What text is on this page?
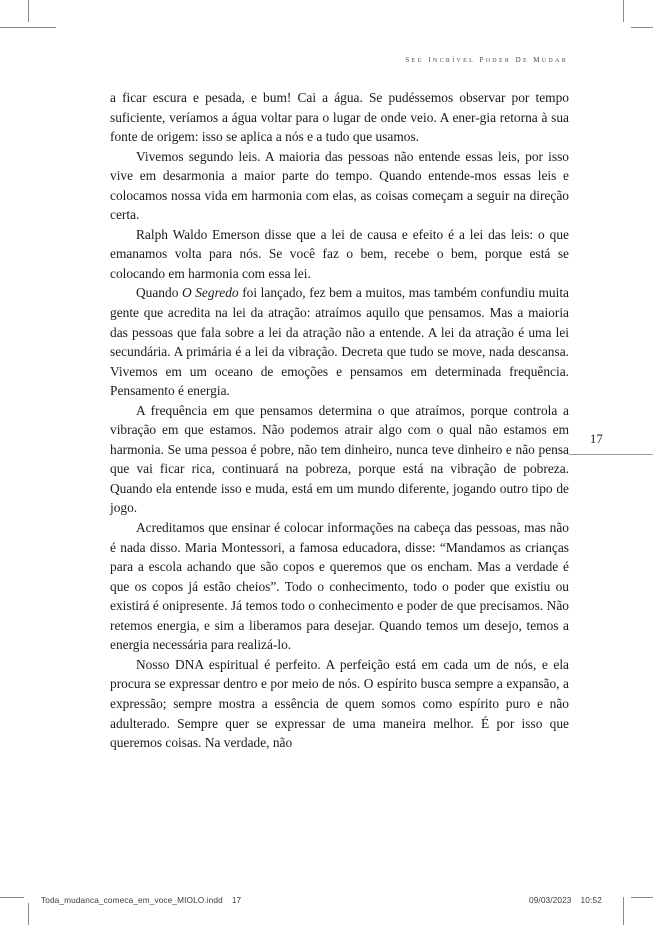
seu incrível poder de mudar

a ficar escura e pesada, e bum! Cai a água. Se pudéssemos observar por tempo suficiente, veríamos a água voltar para o lugar de onde veio. A ener-gia retorna à sua fonte de origem: isso se aplica a nós e a tudo que usamos.

Vivemos segundo leis. A maioria das pessoas não entende essas leis, por isso vive em desarmonia a maior parte do tempo. Quando entende-mos essas leis e colocamos nossa vida em harmonia com elas, as coisas começam a seguir na direção certa.

Ralph Waldo Emerson disse que a lei de causa e efeito é a lei das leis: o que emanamos volta para nós. Se você faz o bem, recebe o bem, porque está se colocando em harmonia com essa lei.

Quando O Segredo foi lançado, fez bem a muitos, mas também confundiu muita gente que acredita na lei da atração: atraímos aquilo que pensamos. Mas a maioria das pessoas que fala sobre a lei da atração não a entende. A lei da atração é uma lei secundária. A primária é a lei da vibração. Decreta que tudo se move, nada descansa. Vivemos em um oceano de emoções e pensamos em determinada frequência. Pensamento é energia.

A frequência em que pensamos determina o que atraímos, porque controla a vibração em que estamos. Não podemos atrair algo com o qual não estamos em harmonia. Se uma pessoa é pobre, não tem dinheiro, nunca teve dinheiro e não pensa que vai ficar rica, continuará na pobreza, porque está na vibração de pobreza. Quando ela entende isso e muda, está em um mundo diferente, jogando outro tipo de jogo.

Acreditamos que ensinar é colocar informações na cabeça das pessoas, mas não é nada disso. Maria Montessori, a famosa educadora, disse: “Mandamos as crianças para a escola achando que são copos e queremos que os encham. Mas a verdade é que os copos já estão cheios”. Todo o conhecimento, todo o poder que existiu ou existirá é onipresente. Já temos todo o conhecimento e poder de que precisamos. Não retemos energia, e sim a liberamos para desejar. Quando temos um desejo, temos a energia necessária para realizá-lo.

Nosso DNA espiritual é perfeito. A perfeição está em cada um de nós, e ela procura se expressar dentro e por meio de nós. O espírito busca sempre a expansão, a expressão; sempre mostra a essência de quem somos como espírito puro e não adulterado. Sempre quer se expressar de uma maneira melhor. É por isso que queremos coisas. Na verdade, não

17
Toda_mudanca_comeca_em_voce_MIOLO.indd 17	09/03/2023 10:52
